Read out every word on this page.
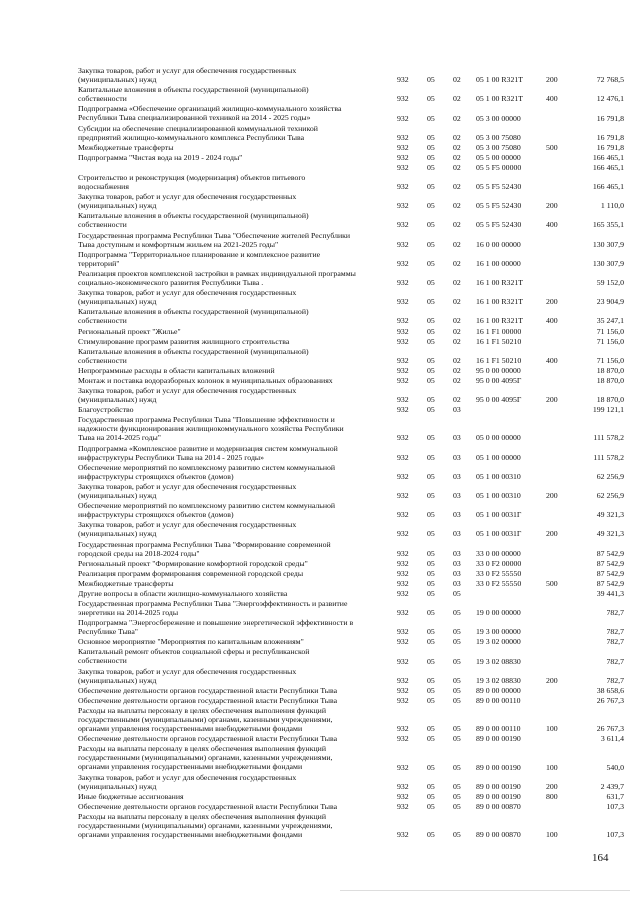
Закупка товаров, работ и услуг для обеспечения государственных
(муниципальных) нужд	932	05	02	05 1 00 R321T	200	72 768,5
Капитальные вложения в объекты государственной (муниципальной)
собственности	932	05	02	05 1 00 R321T	400	12 476,1
Подпрограмма «Обеспечение организаций жилищно-коммунального хозяйства
Республики Тыва специализированной техникой на 2014 - 2025 годы»	932	05	02	05 3 00 00000	16 791,8
Субсидии на обеспечение специализированной коммунальной техникой
предприятий жилищно-коммунального комплекса Республики Тыва	932	05	02	05 3 00 75080	16 791,8
Межбюджетные трансферты	932	05	02	05 3 00 75080	500	16 791,8
Подпрограмма "Чистая вода на 2019 - 2024 годы"	932	05	02	05 5 00 00000	166 465,1
932	05	02	05 5 F5 00000	166 465,1
Строительство и реконструкция (модернизация) объектов питьевого
водоснабжения	932	05	02	05 5 F5 52430	166 465,1
Закупка товаров, работ и услуг для обеспечения государственных
(муниципальных) нужд	932	05	02	05 5 F5 52430	200	1 110,0
Капитальные вложения в объекты государственной (муниципальной)
собственности	932	05	02	05 5 F5 52430	400	165 355,1
Государственная программа Республики Тыва "Обеспечение жителей Республики
Тыва доступным и комфортным жильем на 2021-2025 годы"	932	05	02	16 0 00 00000	130 307,9
Подпрограмма "Территориальное планирование и комплексное развитие
территорий"	932	05	02	16 1 00 00000	130 307,9
Реализация проектов комплексной застройки в рамках индивидуальной программы
социально-экономического развития Республики Тыва .	932	05	02	16 1 00 R321T	59 152,0
Закупка товаров, работ и услуг для обеспечения государственных
(муниципальных) нужд	932	05	02	16 1 00 R321T	200	23 904,9
Капитальные вложения в объекты государственной (муниципальной)
собственности	932	05	02	16 1 00 R321T	400	35 247,1
Региональный проект "Жилье"	932	05	02	16 1 F1 00000	71 156,0
Стимулирование программ развития жилищного строительства	932	05	02	16 1 F1 50210	71 156,0
Капитальные вложения в объекты государственной (муниципальной)
собственности	932	05	02	16 1 F1 50210	400	71 156,0
Непрограммные расходы в области капитальных вложений	932	05	02	95 0 00 00000	18 870,0
Монтаж и поставка водоразборных колонок в муниципальных образованиях	932	05	02	95 0 00 4095Г	18 870,0
Закупка товаров, работ и услуг для обеспечения государственных
(муниципальных) нужд	932	05	02	95 0 00 4095Г	200	18 870,0
Благоустройство	932	05	03	199 121,1
Государственная программа Республики Тыва "Повышение эффективности и
надежности функционирования жилищнокоммунального хозяйства Республики
Тыва на 2014-2025 годы"	932	05	03	05 0 00 00000	111 578,2
Подпрограмма «Комплексное развитие и модернизация систем коммунальной
инфраструктуры Республики Тыва на 2014 - 2025 годы»	932	05	03	05 1 00 00000	111 578,2
Обеспечение мероприятий по комплексному развитию систем коммунальной
инфраструктуры строящихся объектов (домов)	932	05	03	05 1 00 00310	62 256,9
Закупка товаров, работ и услуг для обеспечения государственных
(муниципальных) нужд	932	05	03	05 1 00 00310	200	62 256,9
Обеспечение мероприятий по комплексному развитию систем коммунальной
инфраструктуры строящихся объектов (домов)	932	05	03	05 1 00 0031Г	49 321,3
Закупка товаров, работ и услуг для обеспечения государственных
(муниципальных) нужд	932	05	03	05 1 00 0031Г	200	49 321,3
Государственная программа Республики Тыва "Формирование современной
городской среды на 2018-2024 годы"	932	05	03	33 0 00 00000	87 542,9
Региональный проект "Формирование комфортной городской среды"	932	05	03	33 0 F2 00000	87 542,9
Реализация программ формирования современной городской среды	932	05	03	33 0 F2 55550	87 542,9
Межбюджетные трансферты	932	05	03	33 0 F2 55550	500	87 542,9
Другие вопросы в области жилищно-коммунального хозяйства	932	05	05	39 441,3
Государственная программа Республики Тыва "Энергоэффективность и развитие
энергетики на 2014-2025 годы	932	05	05	19 0 00 00000	782,7
Подпрограмма "Энергосбережение и повышение энергетической эффективности в
Республике Тыва"	932	05	05	19 3 00 00000	782,7
Основное мероприятие "Мероприятия по капитальным вложениям"	932	05	05	19 3 02 00000	782,7
Капитальный ремонт объектов социальной сферы и республиканской
собственности	932	05	05	19 3 02 08830	782,7
Закупка товаров, работ и услуг для обеспечения государственных
(муниципальных) нужд	932	05	05	19 3 02 08830	200	782,7
Обеспечение деятельности органов государственной власти Республики Тыва	932	05	05	89 0 00 00000	38 658,6
Обеспечение деятельности органов государственной власти Республики Тыва	932	05	05	89 0 00 00110	26 767,3
Расходы на выплаты персоналу в целях обеспечения выполнения функций
государственными (муниципальными) органами, казенными учреждениями,
органами управления государственными внебюджетными фондами	932	05	05	89 0 00 00110	100	26 767,3
Обеспечение деятельности органов государственной власти Республики Тыва	932	05	05	89 0 00 00190	3 611,4
Расходы на выплаты персоналу в целях обеспечения выполнения функций
государственными (муниципальными) органами, казенными учреждениями,
органами управления государственными внебюджетными фондами	932	05	05	89 0 00 00190	100	540,0
Закупка товаров, работ и услуг для обеспечения государственных
(муниципальных) нужд	932	05	05	89 0 00 00190	200	2 439,7
Иные бюджетные ассигнования	932	05	05	89 0 00 00190	800	631,7
Обеспечение деятельности органов государственной власти Республики Тыва	932	05	05	89 0 00 00870	107,3
Расходы на выплаты персоналу в целях обеспечения выполнения функций
государственными (муниципальными) органами, казенными учреждениями,
органами управления государственными внебюджетными фондами	932	05	05	89 0 00 00870	100	107,3
164
